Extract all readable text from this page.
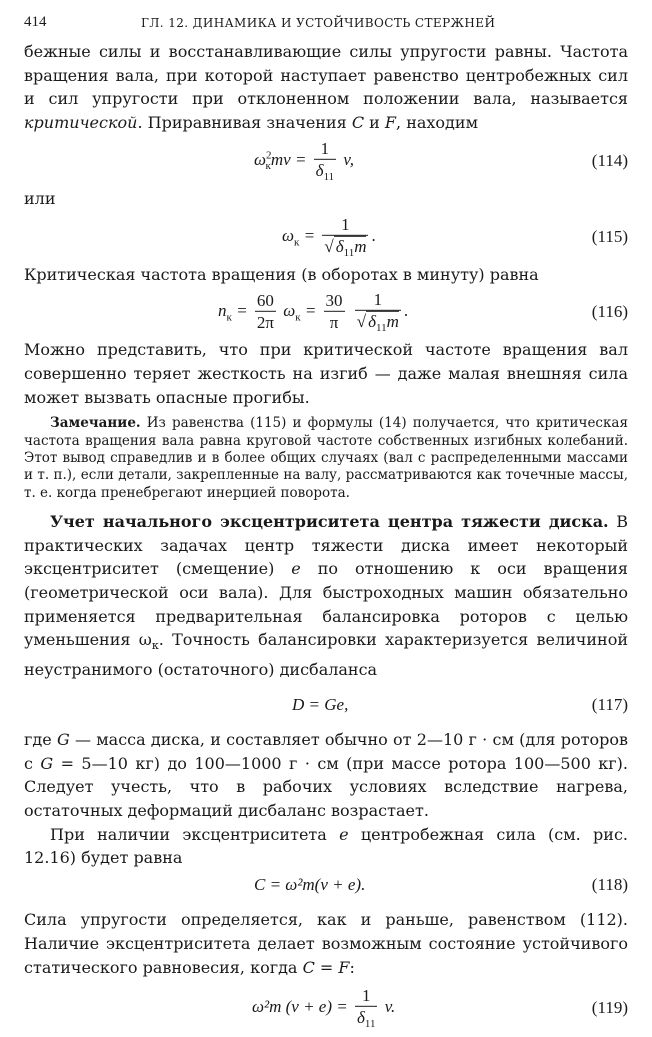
414	ГЛ. 12. ДИНАМИКА И УСТОЙЧИВОСТЬ СТЕРЖНЕЙ

бежные силы и восстанавливающие силы упругости равны. Частота вращения вала, при которой наступает равенство центробежных сил и сил упругости при отклоненном положении вала, называется критической. Приравнивая значения C и F, находим

$\omega^2_кmv = \frac{1}{\delta_{11}} v$,	(114)

или

$\omega_к = \frac{1}{√ \delta_{11}m}$ .	(115)

Критическая частота вращения (в оборотах в минуту) равна

$n_к = \frac{60}{2\pi} \omega_к = \frac{30}{\pi}$
$\frac{1}{√ \delta_{11}m}$ .	(116)

Можно представить, что при критической частоте вращения вал совершенно теряет жесткость на изгиб — даже малая внешняя сила может вызвать опасные прогибы.

Замечание. Из равенства (115) и формулы (14) получается, что критическая частота вращения вала равна круговой частоте собственных изгибных колебаний. Этот вывод справедлив и в более общих случаях (вал с распределенными массами и т. п.), если детали, закрепленные на валу, рассматриваются как точечные массы, т. е. когда пренебрегают инерцией поворота.

Учет начального эксцентриситета центра тяжести диска. В практических задачах центр тяжести диска имеет некоторый эксцентриситет (смещение) e по отношению к оси вращения (геометрической оси вала). Для быстроходных машин обязательно применяется предварительная балансировка роторов с целью уменьшения $\omega_к$. Точность балансировки характеризуется величиной неустранимого (остаточного) дисбаланса

D = Ge,	(117)

где G — масса диска, и составляет обычно от 2—10 г · см (для роторов с G = 5—10 кг) до 100—1000 г · см (при массе ротора 100—500 кг). Следует учесть, что в рабочих условиях вследствие нагрева, остаточных деформаций дисбаланс возрастает.

При наличии эксцентриситета e центробежная сила (см. рис. 12.16) будет равна

C = ω²m(v + e).	(118)

Сила упругости определяется, как и раньше, равенством (112). Наличие эксцентриситета делает возможным состояние устойчивого статического равновесия, когда C = F:

ω²m $(v + e) = \frac{1}{\delta_{11}} v$.	(119)
